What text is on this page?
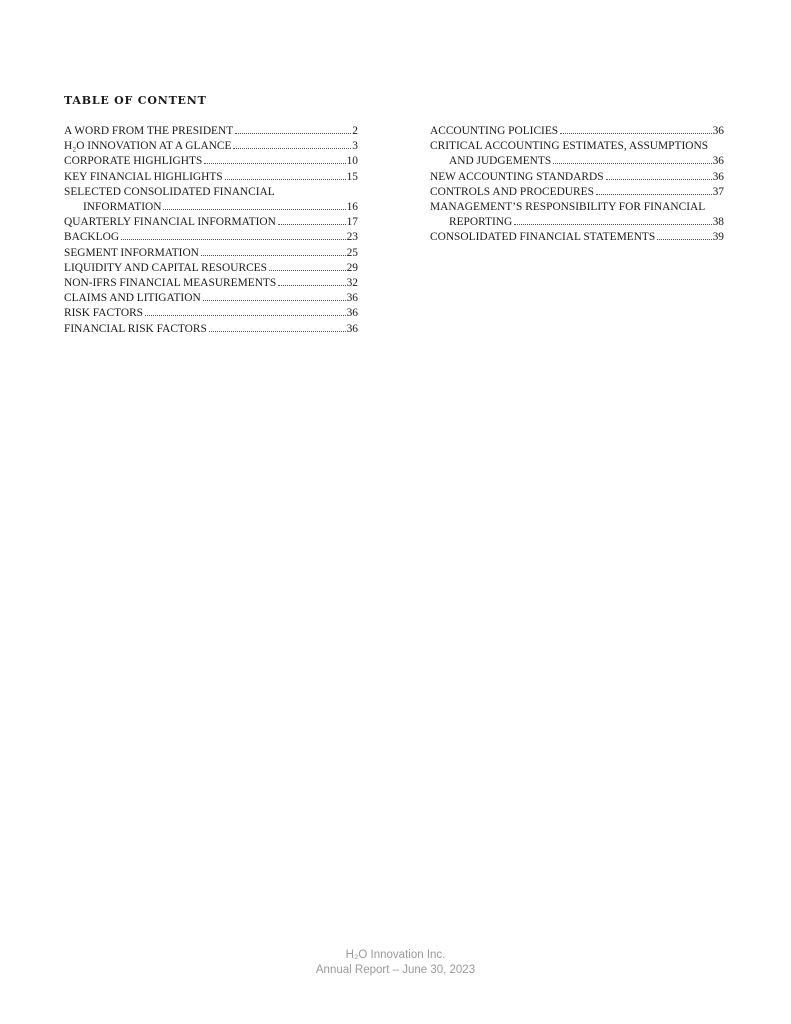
TABLE OF CONTENT
A WORD FROM THE PRESIDENT	2
H₂O INNOVATION AT A GLANCE	3
CORPORATE HIGHLIGHTS	10
KEY FINANCIAL HIGHLIGHTS	15
SELECTED CONSOLIDATED FINANCIAL
INFORMATION	16
QUARTERLY FINANCIAL INFORMATION	17
BACKLOG	23
SEGMENT INFORMATION	25
LIQUIDITY AND CAPITAL RESOURCES	29
NON-IFRS FINANCIAL MEASUREMENTS	32
CLAIMS AND LITIGATION	36
RISK FACTORS	36
FINANCIAL RISK FACTORS	36
ACCOUNTING POLICIES	36
CRITICAL ACCOUNTING ESTIMATES, ASSUMPTIONS
AND JUDGEMENTS	36
NEW ACCOUNTING STANDARDS	36
CONTROLS AND PROCEDURES	37
MANAGEMENT’S RESPONSIBILITY FOR FINANCIAL
REPORTING	38
CONSOLIDATED FINANCIAL STATEMENTS	39
H₂O Innovation Inc.
Annual Report – June 30, 2023
